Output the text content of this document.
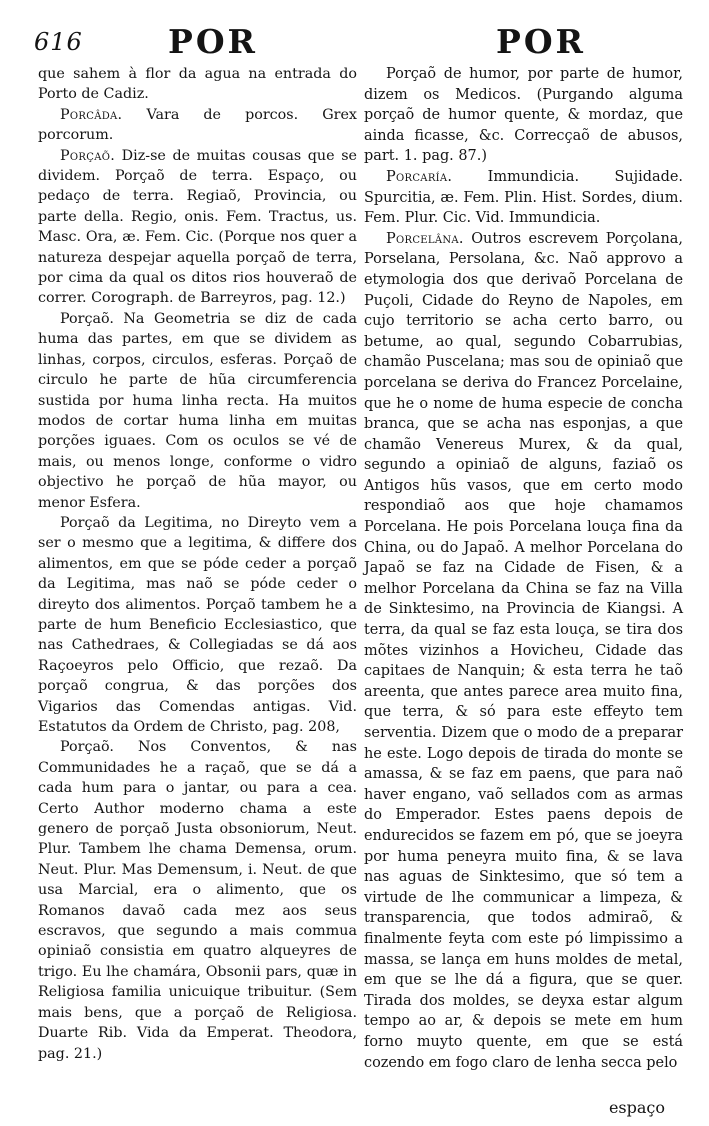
616	POR	POR

que sahem à flor da agua na entrada do Porto de Cadiz.

Porcâda. Vara de porcos. Grex porcorum.

Porçaõ. Diz-se de muitas cousas que se dividem. Porçaõ de terra. Espaço, ou pedaço de terra. Regiaõ, Provincia, ou parte della. Regio, onis. Fem. Tractus, us. Masc. Ora, æ. Fem. Cic. (Porque nos quer a natureza despejar aquella porçaõ de terra, por cima da qual os ditos rios houveraõ de correr. Corograph. de Barreyros, pag. 12.)

Porçaõ. Na Geometria se diz de cada huma das partes, em que se dividem as linhas, corpos, circulos, esferas. Porçaõ de circulo he parte de hũa circumferencia sustida por huma linha recta. Ha muitos modos de cortar huma linha em muitas porções iguaes. Com os oculos se vé de mais, ou menos longe, conforme o vidro objectivo he porçaõ de hũa mayor, ou menor Esfera.

Porçaõ da Legitima, no Direyto vem a ser o mesmo que a legitima, & differe dos alimentos, em que se póde ceder a porçaõ da Legitima, mas naõ se póde ceder o direyto dos alimentos. Porçaõ tambem he a parte de hum Beneficio Ecclesiastico, que nas Cathedraes, & Collegiadas se dá aos Raçoeyros pelo Officio, que rezaõ. Da porçaõ congrua, & das porções dos Vigarios das Comendas antigas. Vid. Estatutos da Ordem de Christo, pag. 208,

Porçaõ. Nos Conventos, & nas Communidades he a raçaõ, que se dá a cada hum para o jantar, ou para a cea. Certo Author moderno chama a este genero de porçaõ Justa obsoniorum, Neut. Plur. Tambem lhe chama Demensa, orum. Neut. Plur. Mas Demensum, i. Neut. de que usa Marcial, era o alimento, que os Romanos davaõ cada mez aos seus escravos, que segundo a mais commua opiniaõ consistia em quatro alqueyres de trigo. Eu lhe chamára, Obsonii pars, quæ in Religiosa familia unicuique tribuitur. (Sem mais bens, que a porçaõ de Religiosa. Duarte Rib. Vida da Emperat. Theodora, pag. 21.)

Porçaõ de humor, por parte de humor, dizem os Medicos. (Purgando alguma porçaõ de humor quente, & mordaz, que ainda ficasse, &c. Correcçaõ de abusos, part. 1. pag. 87.)

Porcaría. Immundicia. Sujidade. Spurcitia, æ. Fem. Plin. Hist. Sordes, dium. Fem. Plur. Cic. Vid. Immundicia.

Porcelâna. Outros escrevem Porçolana, Porselana, Persolana, &c. Naõ approvo a etymologia dos que derivaõ Porcelana de Puçoli, Cidade do Reyno de Napoles, em cujo territorio se acha certo barro, ou betume, ao qual, segundo Cobarrubias, chamão Puscelana; mas sou de opiniaõ que porcelana se deriva do Francez Porcelaine, que he o nome de huma especie de concha branca, que se acha nas esponjas, a que chamão Venereus Murex, & da qual, segundo a opiniaõ de alguns, faziaõ os Antigos hũs vasos, que em certo modo respondiaõ aos que hoje chamamos Porcelana. He pois Porcelana louça fina da China, ou do Japaõ. A melhor Porcelana do Japaõ se faz na Cidade de Fisen, & a melhor Porcelana da China se faz na Villa de Sinktesimo, na Provincia de Kiangsi. A terra, da qual se faz esta louça, se tira dos mõtes vizinhos a Hovicheu, Cidade das capitaes de Nanquin; & esta terra he taõ areenta, que antes parece area muito fina, que terra, & só para este effeyto tem serventia. Dizem que o modo de a preparar he este. Logo depois de tirada do monte se amassa, & se faz em paens, que para naõ haver engano, vaõ sellados com as armas do Emperador. Estes paens depois de endurecidos se fazem em pó, que se joeyra por huma peneyra muito fina, & se lava nas aguas de Sinktesimo, que só tem a virtude de lhe communicar a limpeza, & transparencia, que todos admiraõ, & finalmente feyta com este pó limpissimo a massa, se lança em huns moldes de metal, em que se lhe dá a figura, que se quer. Tirada dos moldes, se deyxa estar algum tempo ao ar, & depois se mete em hum forno muyto quente, em que se está cozendo em fogo claro de lenha secca pelo

espaço
